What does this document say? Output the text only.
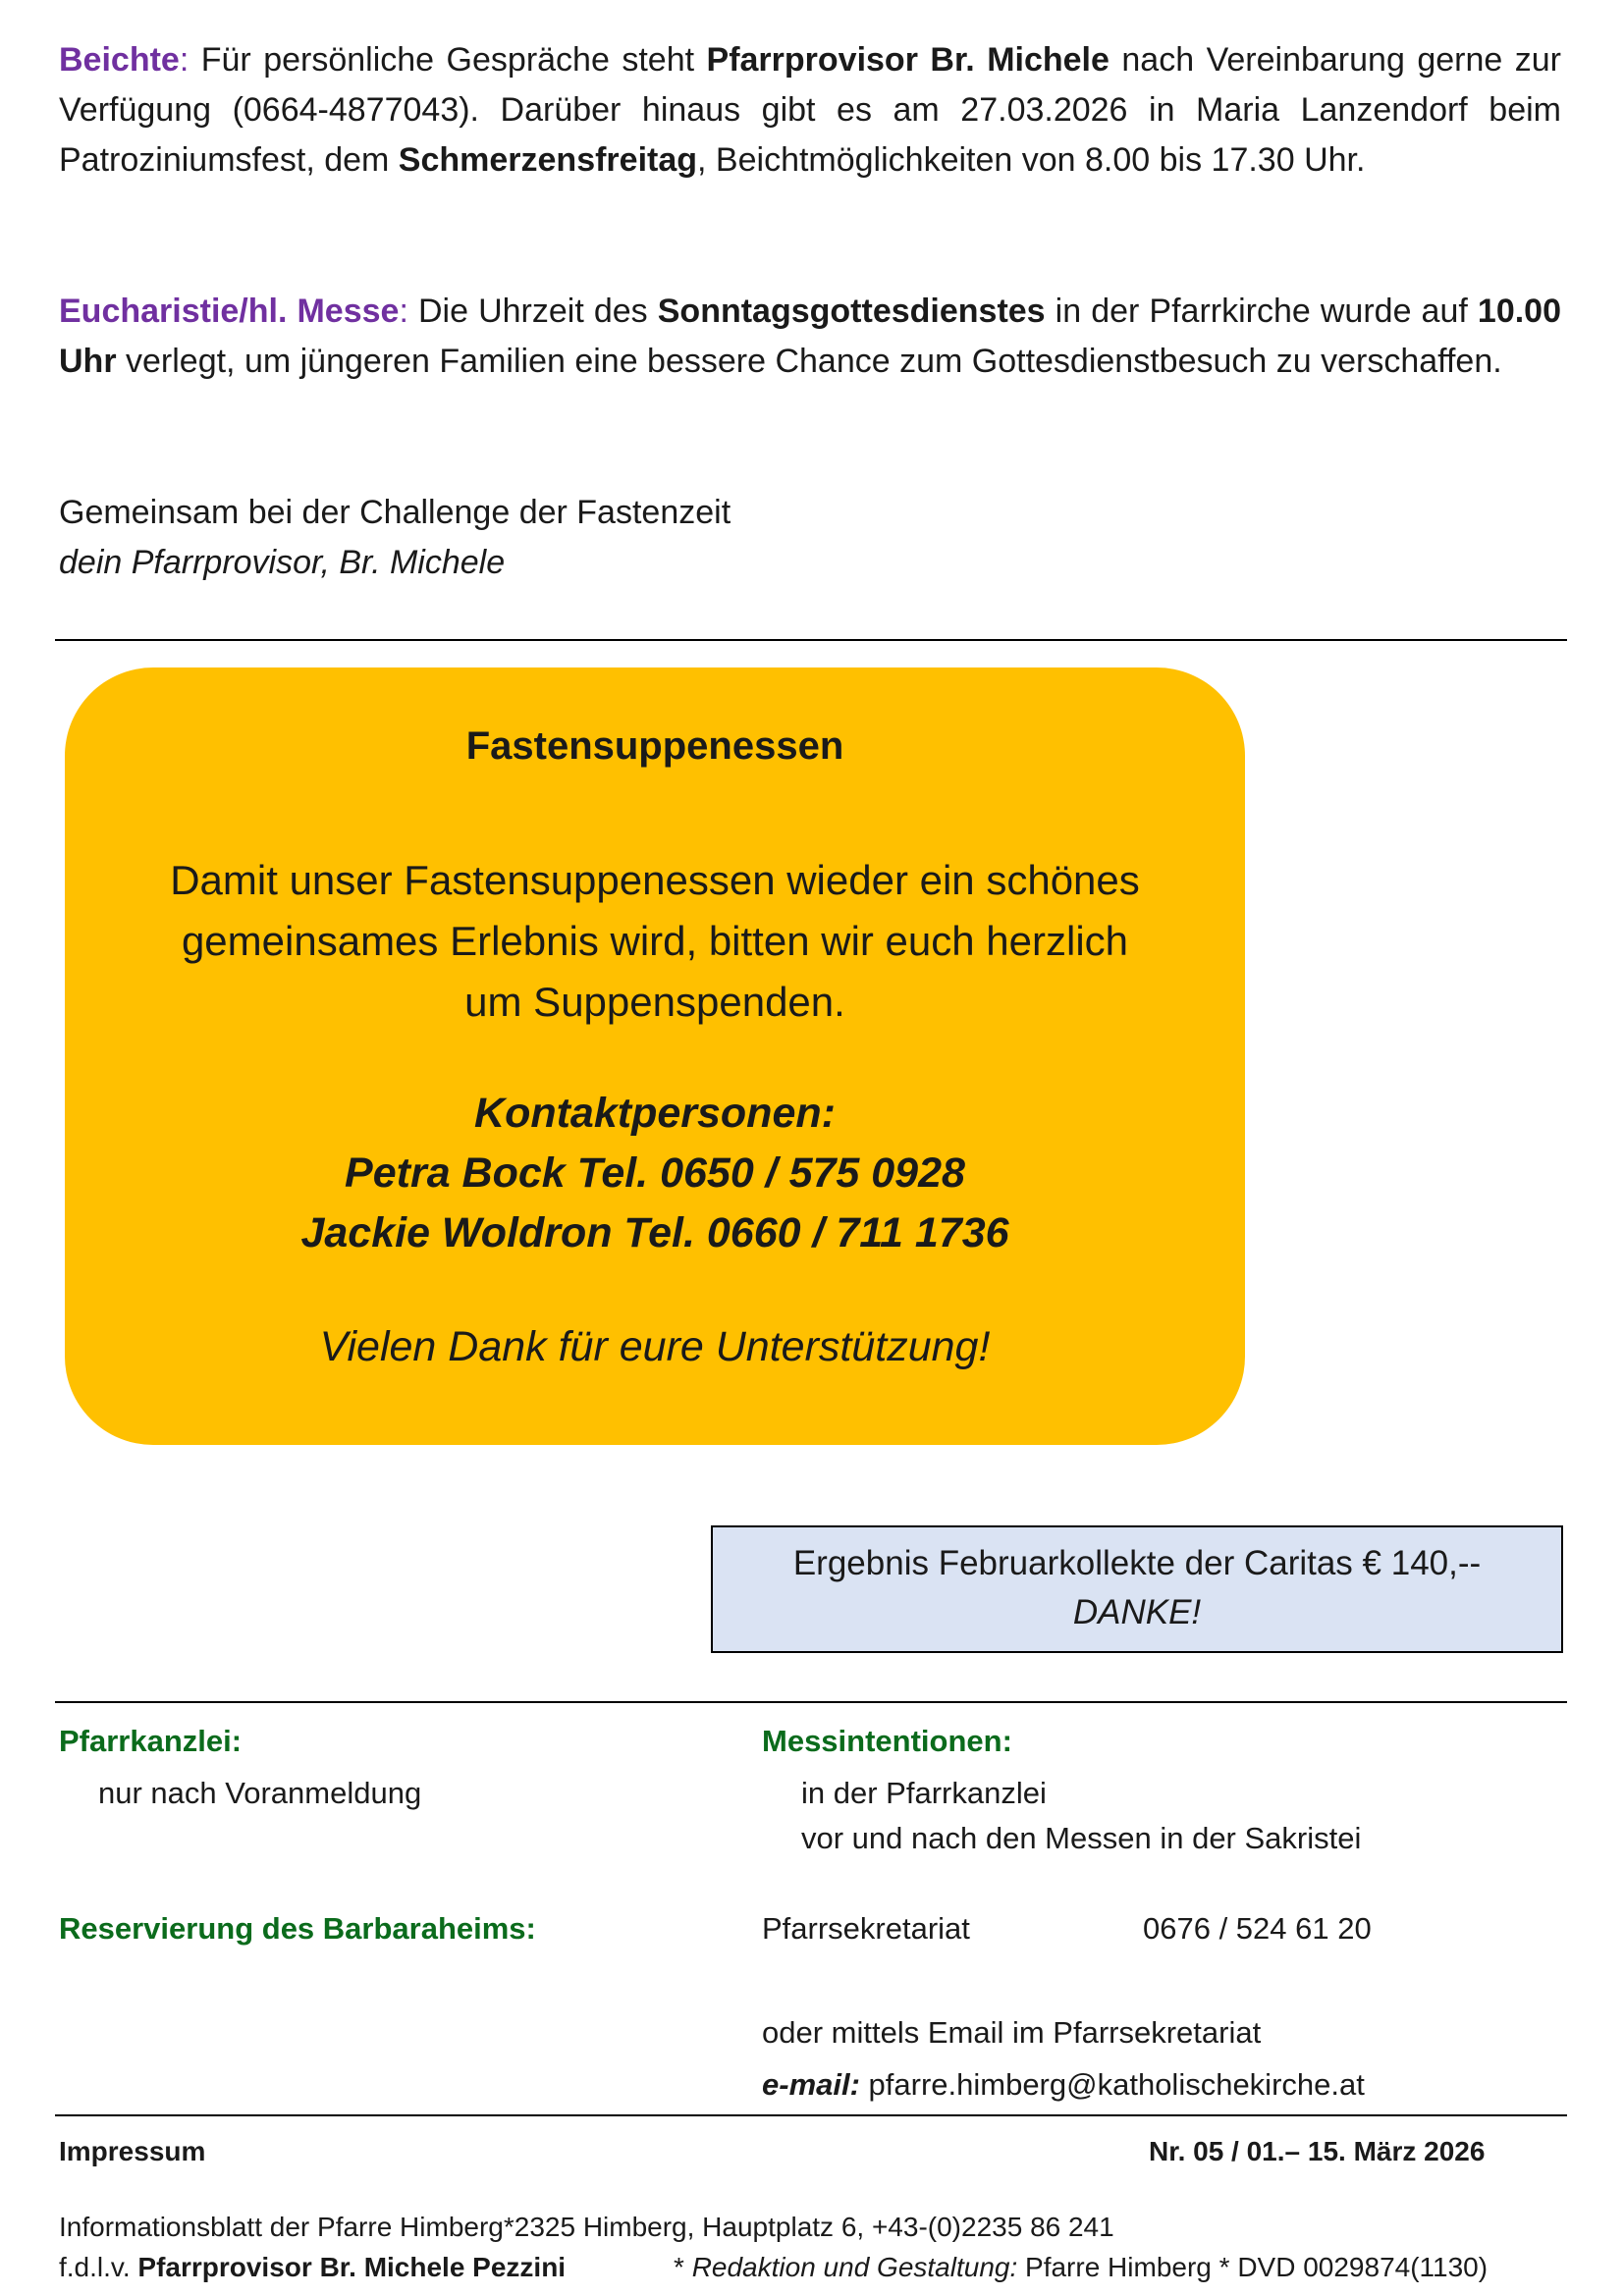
Beichte: Für persönliche Gespräche steht Pfarrprovisor Br. Michele nach Vereinbarung gerne zur Verfügung (0664-4877043). Darüber hinaus gibt es am 27.03.2026 in Maria Lanzendorf beim Patroziniumsfest, dem Schmerzensfreitag, Beichtmöglichkeiten von 8.00 bis 17.30 Uhr.

Eucharistie/hl. Messe: Die Uhrzeit des Sonntagsgottesdienstes in der Pfarrkirche wurde auf 10.00 Uhr verlegt, um jüngeren Familien eine bessere Chance zum Gottesdienstbesuch zu verschaffen.

Gemeinsam bei der Challenge der Fastenzeit
dein Pfarrprovisor, Br. Michele
Fastensuppenessen
Damit unser Fastensuppenessen wieder ein schönes
gemeinsames Erlebnis wird, bitten wir euch herzlich
um Suppenspenden.
Kontaktpersonen:
Petra Bock Tel. 0650 / 575 0928
Jackie Woldron Tel. 0660 / 711 1736
Vielen Dank für eure Unterstützung!
Ergebnis Februarkollekte der Caritas € 140,--
DANKE!
Pfarrkanzlei:
nur nach Voranmeldung
Messintentionen:
in der Pfarrkanzlei
vor und nach den Messen in der Sakristei
Reservierung des Barbaraheims:	Pfarrsekretariat	0676 / 524 61 20
oder mittels Email im Pfarrsekretariat
e-mail: pfarre.himberg@katholischekirche.at
Impressum	Nr. 05 / 01.– 15. März 2026
Informationsblatt der Pfarre Himberg*2325 Himberg, Hauptplatz 6, +43-(0)2235 86 241
f.d.l.v. Pfarrprovisor Br. Michele Pezzini	* Redaktion und Gestaltung: Pfarre Himberg * DVD 0029874(1130)
